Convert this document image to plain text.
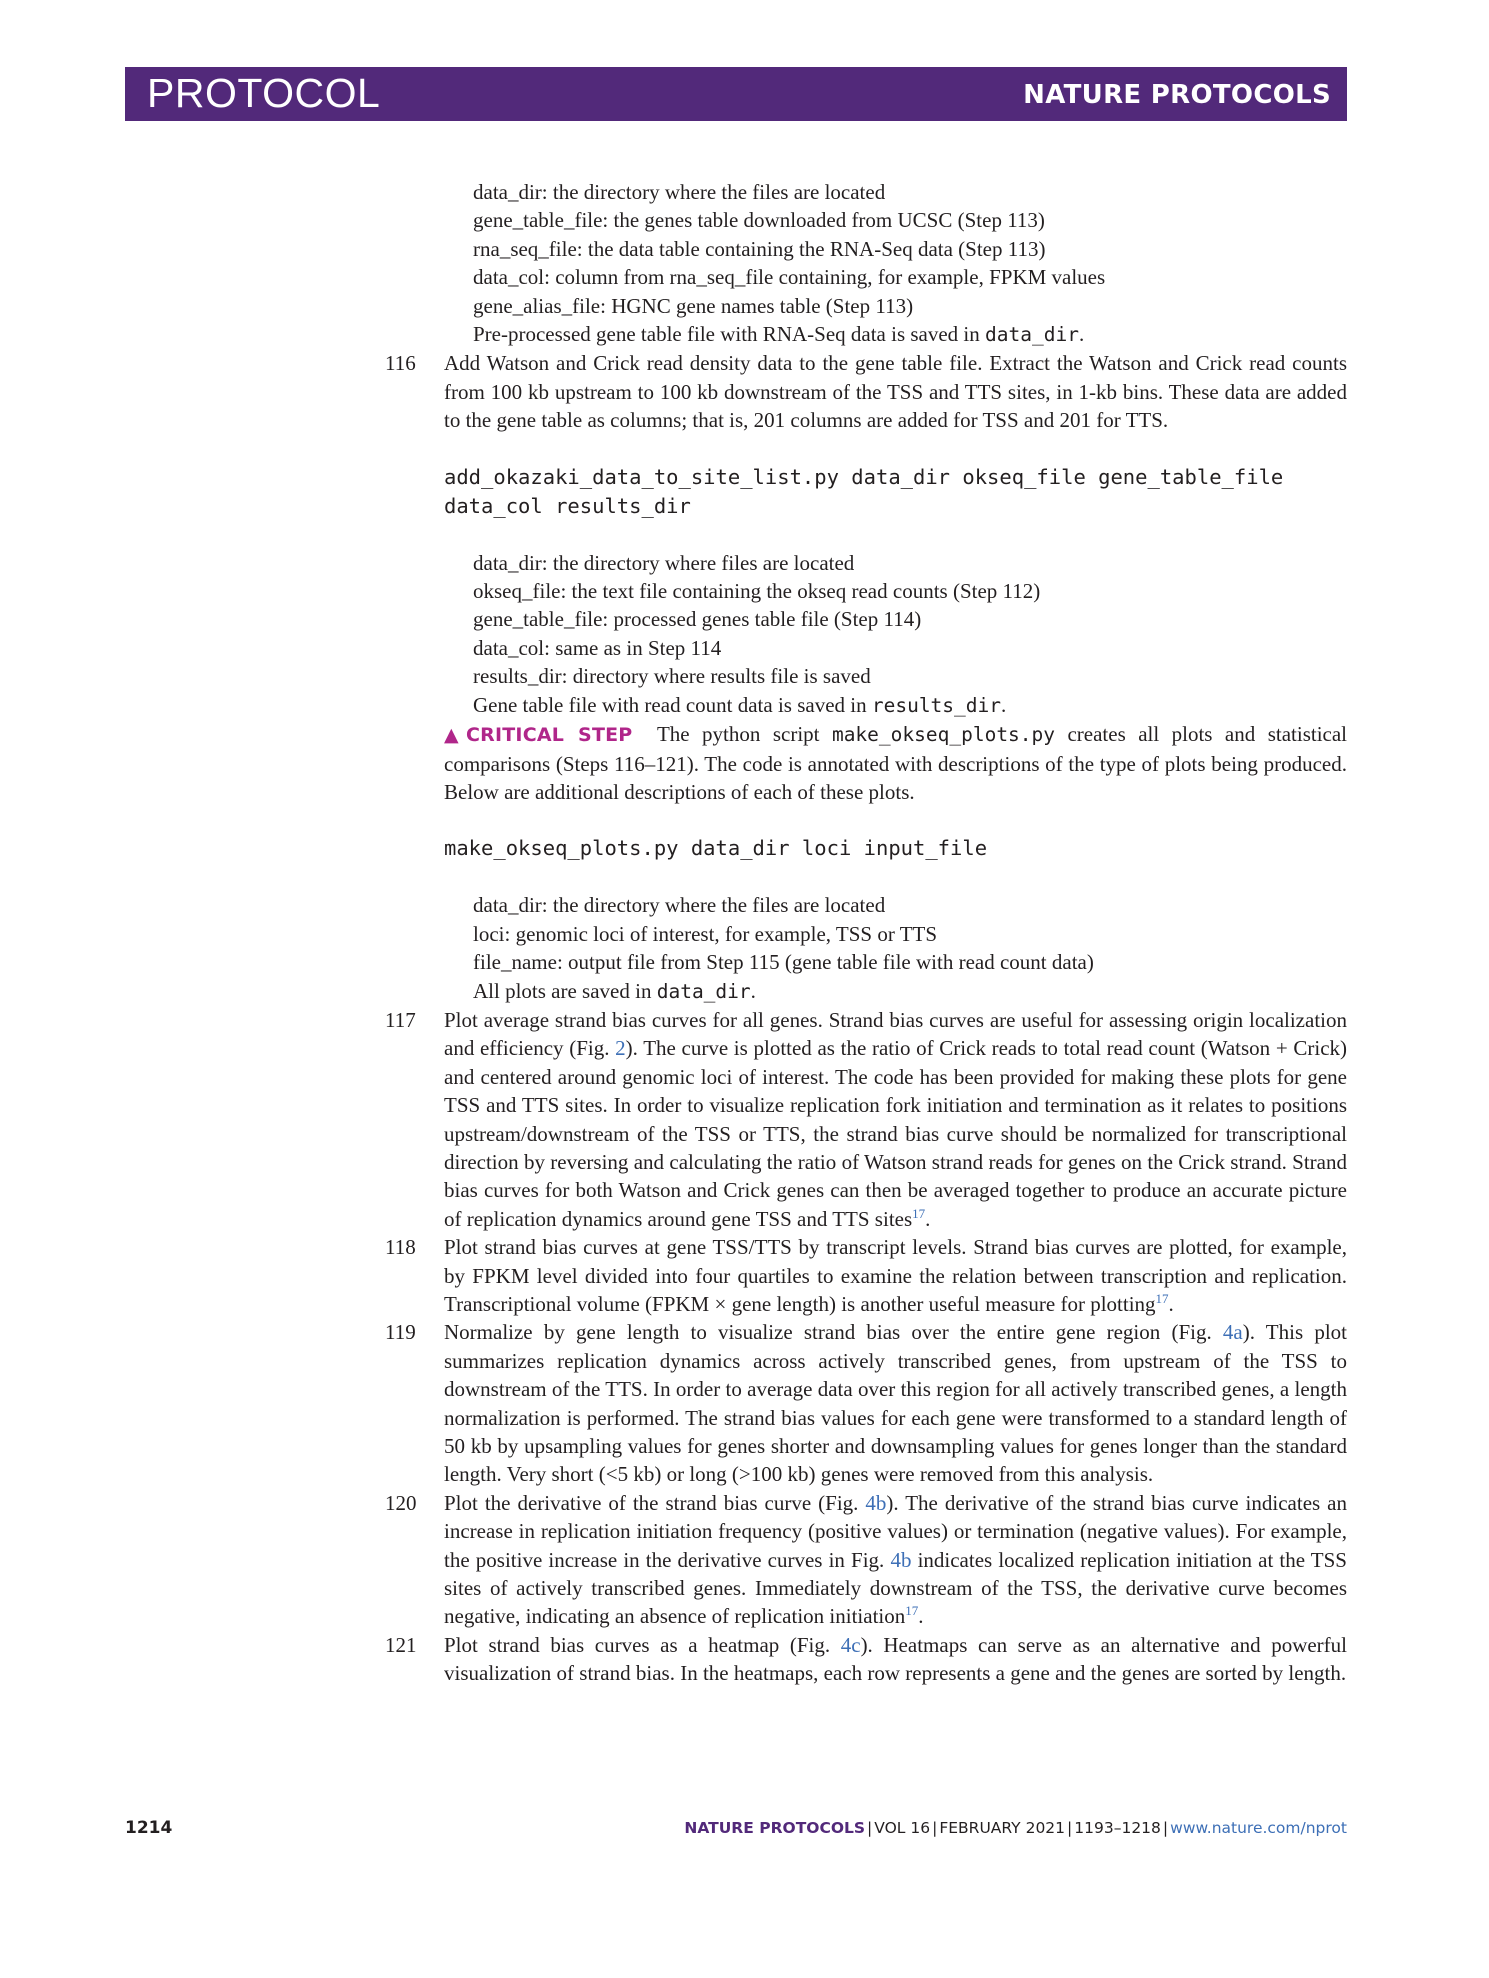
PROTOCOL	NATURE PROTOCOLS
data_dir: the directory where the files are located
gene_table_file: the genes table downloaded from UCSC (Step 113)
rna_seq_file: the data table containing the RNA-Seq data (Step 113)
data_col: column from rna_seq_file containing, for example, FPKM values
gene_alias_file: HGNC gene names table (Step 113)
Pre-processed gene table file with RNA-Seq data is saved in data_dir.
116 Add Watson and Crick read density data to the gene table file. Extract the Watson and Crick read counts from 100 kb upstream to 100 kb downstream of the TSS and TTS sites, in 1-kb bins. These data are added to the gene table as columns; that is, 201 columns are added for TSS and 201 for TTS.
add_okazaki_data_to_site_list.py data_dir okseq_file gene_table_file
data_col results_dir
data_dir: the directory where files are located
okseq_file: the text file containing the okseq read counts (Step 112)
gene_table_file: processed genes table file (Step 114)
data_col: same as in Step 114
results_dir: directory where results file is saved
Gene table file with read count data is saved in results_dir.
▲CRITICAL STEP The python script make_okseq_plots.py creates all plots and statistical comparisons (Steps 116–121). The code is annotated with descriptions of the type of plots being produced. Below are additional descriptions of each of these plots.
make_okseq_plots.py data_dir loci input_file
data_dir: the directory where the files are located
loci: genomic loci of interest, for example, TSS or TTS
file_name: output file from Step 115 (gene table file with read count data)
All plots are saved in data_dir.
117 Plot average strand bias curves for all genes. Strand bias curves are useful for assessing origin localization and efficiency (Fig. 2). The curve is plotted as the ratio of Crick reads to total read count (Watson + Crick) and centered around genomic loci of interest. The code has been provided for making these plots for gene TSS and TTS sites. In order to visualize replication fork initiation and termination as it relates to positions upstream/downstream of the TSS or TTS, the strand bias curve should be normalized for transcriptional direction by reversing and calculating the ratio of Watson strand reads for genes on the Crick strand. Strand bias curves for both Watson and Crick genes can then be averaged together to produce an accurate picture of replication dynamics around gene TSS and TTS sites$^{17}$.
118 Plot strand bias curves at gene TSS/TTS by transcript levels. Strand bias curves are plotted, for example, by FPKM level divided into four quartiles to examine the relation between transcription and replication. Transcriptional volume (FPKM × gene length) is another useful measure for plotting$^{17}$.
119 Normalize by gene length to visualize strand bias over the entire gene region (Fig. 4a). This plot summarizes replication dynamics across actively transcribed genes, from upstream of the TSS to downstream of the TTS. In order to average data over this region for all actively transcribed genes, a length normalization is performed. The strand bias values for each gene were transformed to a standard length of 50 kb by upsampling values for genes shorter and downsampling values for genes longer than the standard length. Very short (<5 kb) or long (>100 kb) genes were removed from this analysis.
120 Plot the derivative of the strand bias curve (Fig. 4b). The derivative of the strand bias curve indicates an increase in replication initiation frequency (positive values) or termination (negative values). For example, the positive increase in the derivative curves in Fig. 4b indicates localized replication initiation at the TSS sites of actively transcribed genes. Immediately downstream of the TSS, the derivative curve becomes negative, indicating an absence of replication initiation$^{17}$.
121 Plot strand bias curves as a heatmap (Fig. 4c). Heatmaps can serve as an alternative and powerful visualization of strand bias. In the heatmaps, each row represents a gene and the genes are sorted by length.
1214	NATURE PROTOCOLS | VOL 16 | FEBRUARY 2021 | 1193–1218 | www.nature.com/nprot
